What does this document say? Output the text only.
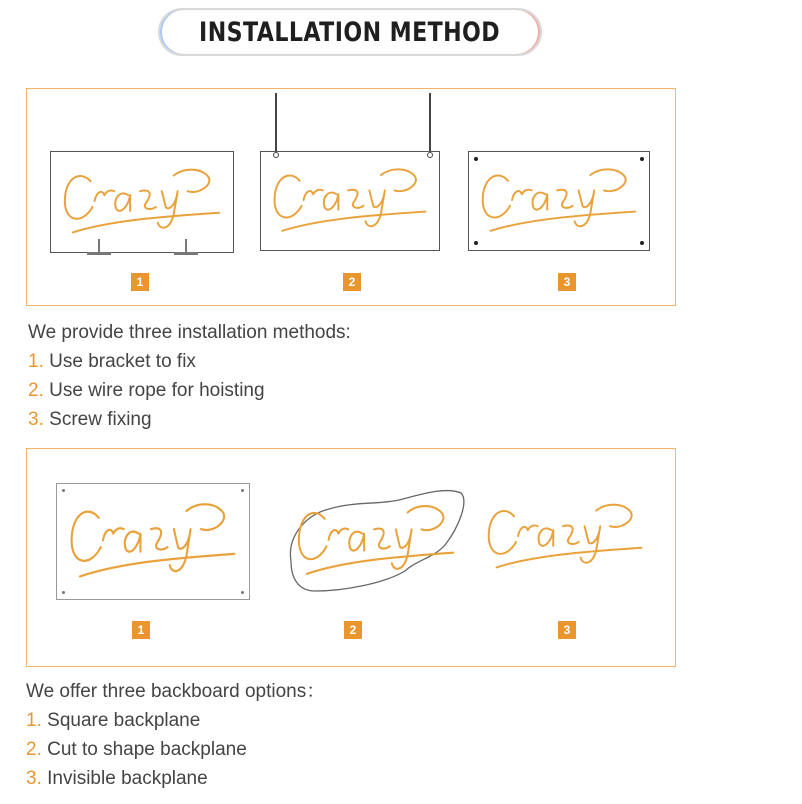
INSTALLATION METHOD
1	2	3
We provide three installation methods:
1. Use bracket to fix
2. Use wire rope for hoisting
3. Screw fixing
1	2	3
We offer three backboard options：
1. Square backplane
2. Cut to shape backplane
3. Invisible backplane
